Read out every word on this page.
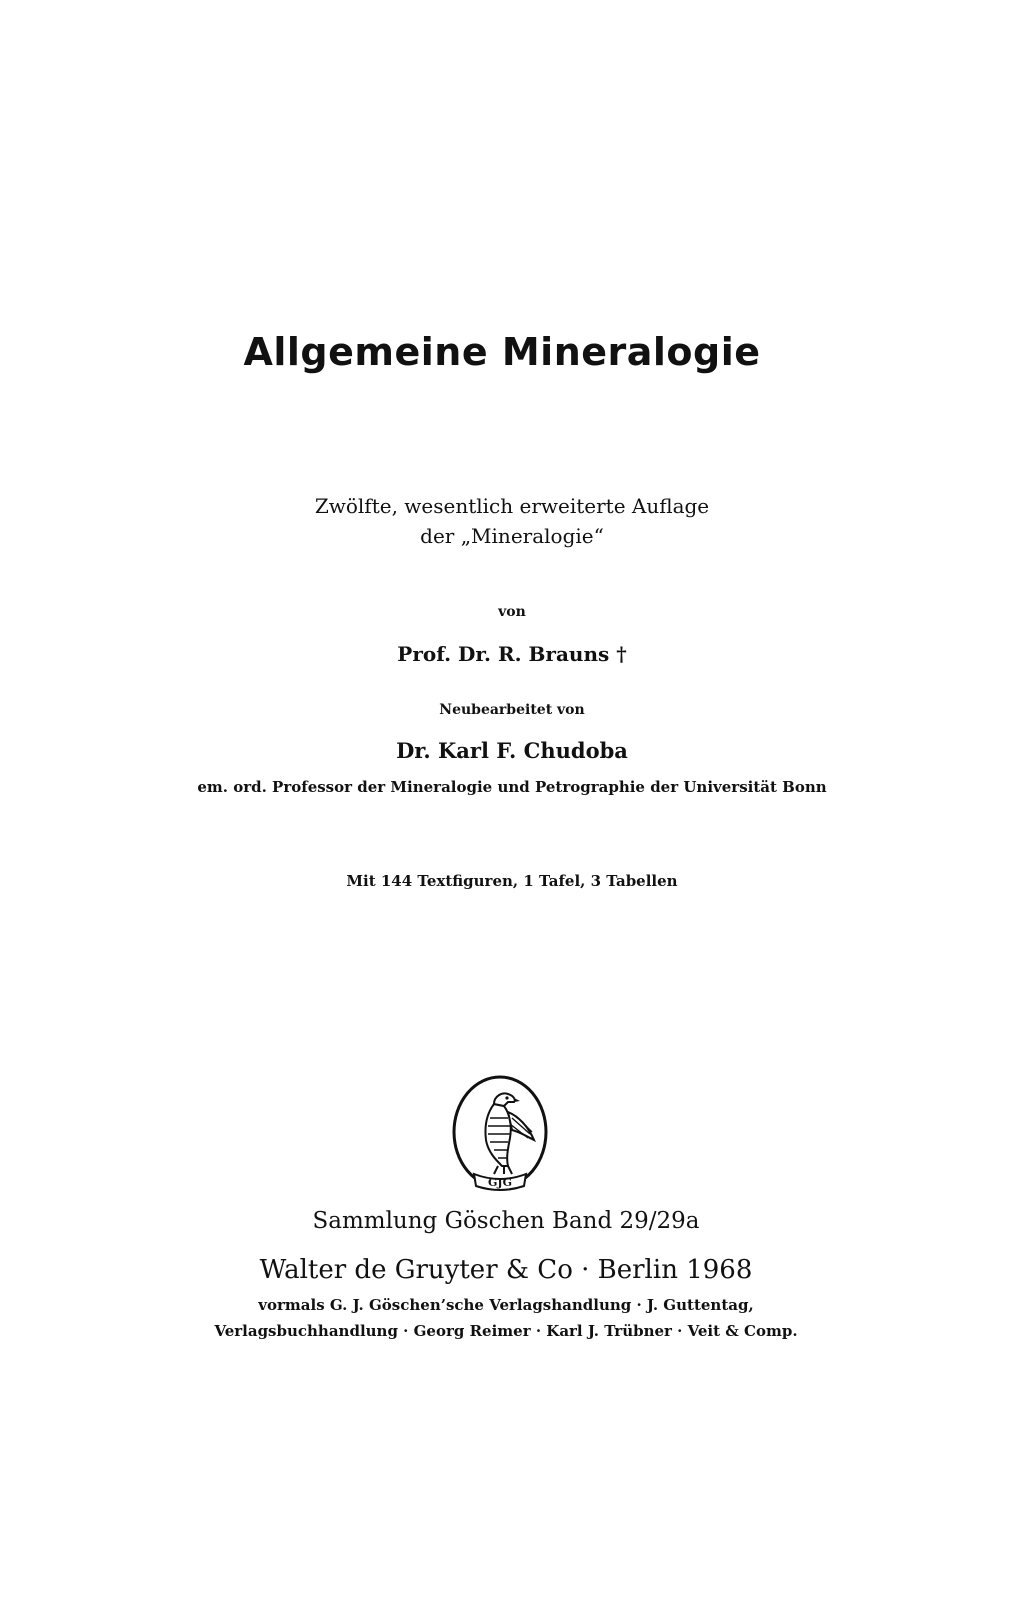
Allgemeine Mineralogie

Zwölfte, wesentlich erweiterte Auflage

der „Mineralogie“

von

Prof. Dr. R. Brauns †

Neubearbeitet von

Dr. Karl F. Chudoba

em. ord. Professor der Mineralogie und Petrographie der Universität Bonn

Mit 144 Textfiguren, 1 Tafel, 3 Tabellen

GJG

Sammlung Göschen Band 29/29a

Walter de Gruyter & Co · Berlin 1968

vormals G. J. Göschen’sche Verlagshandlung · J. Guttentag,

Verlagsbuchhandlung · Georg Reimer · Karl J. Trübner · Veit & Comp.
